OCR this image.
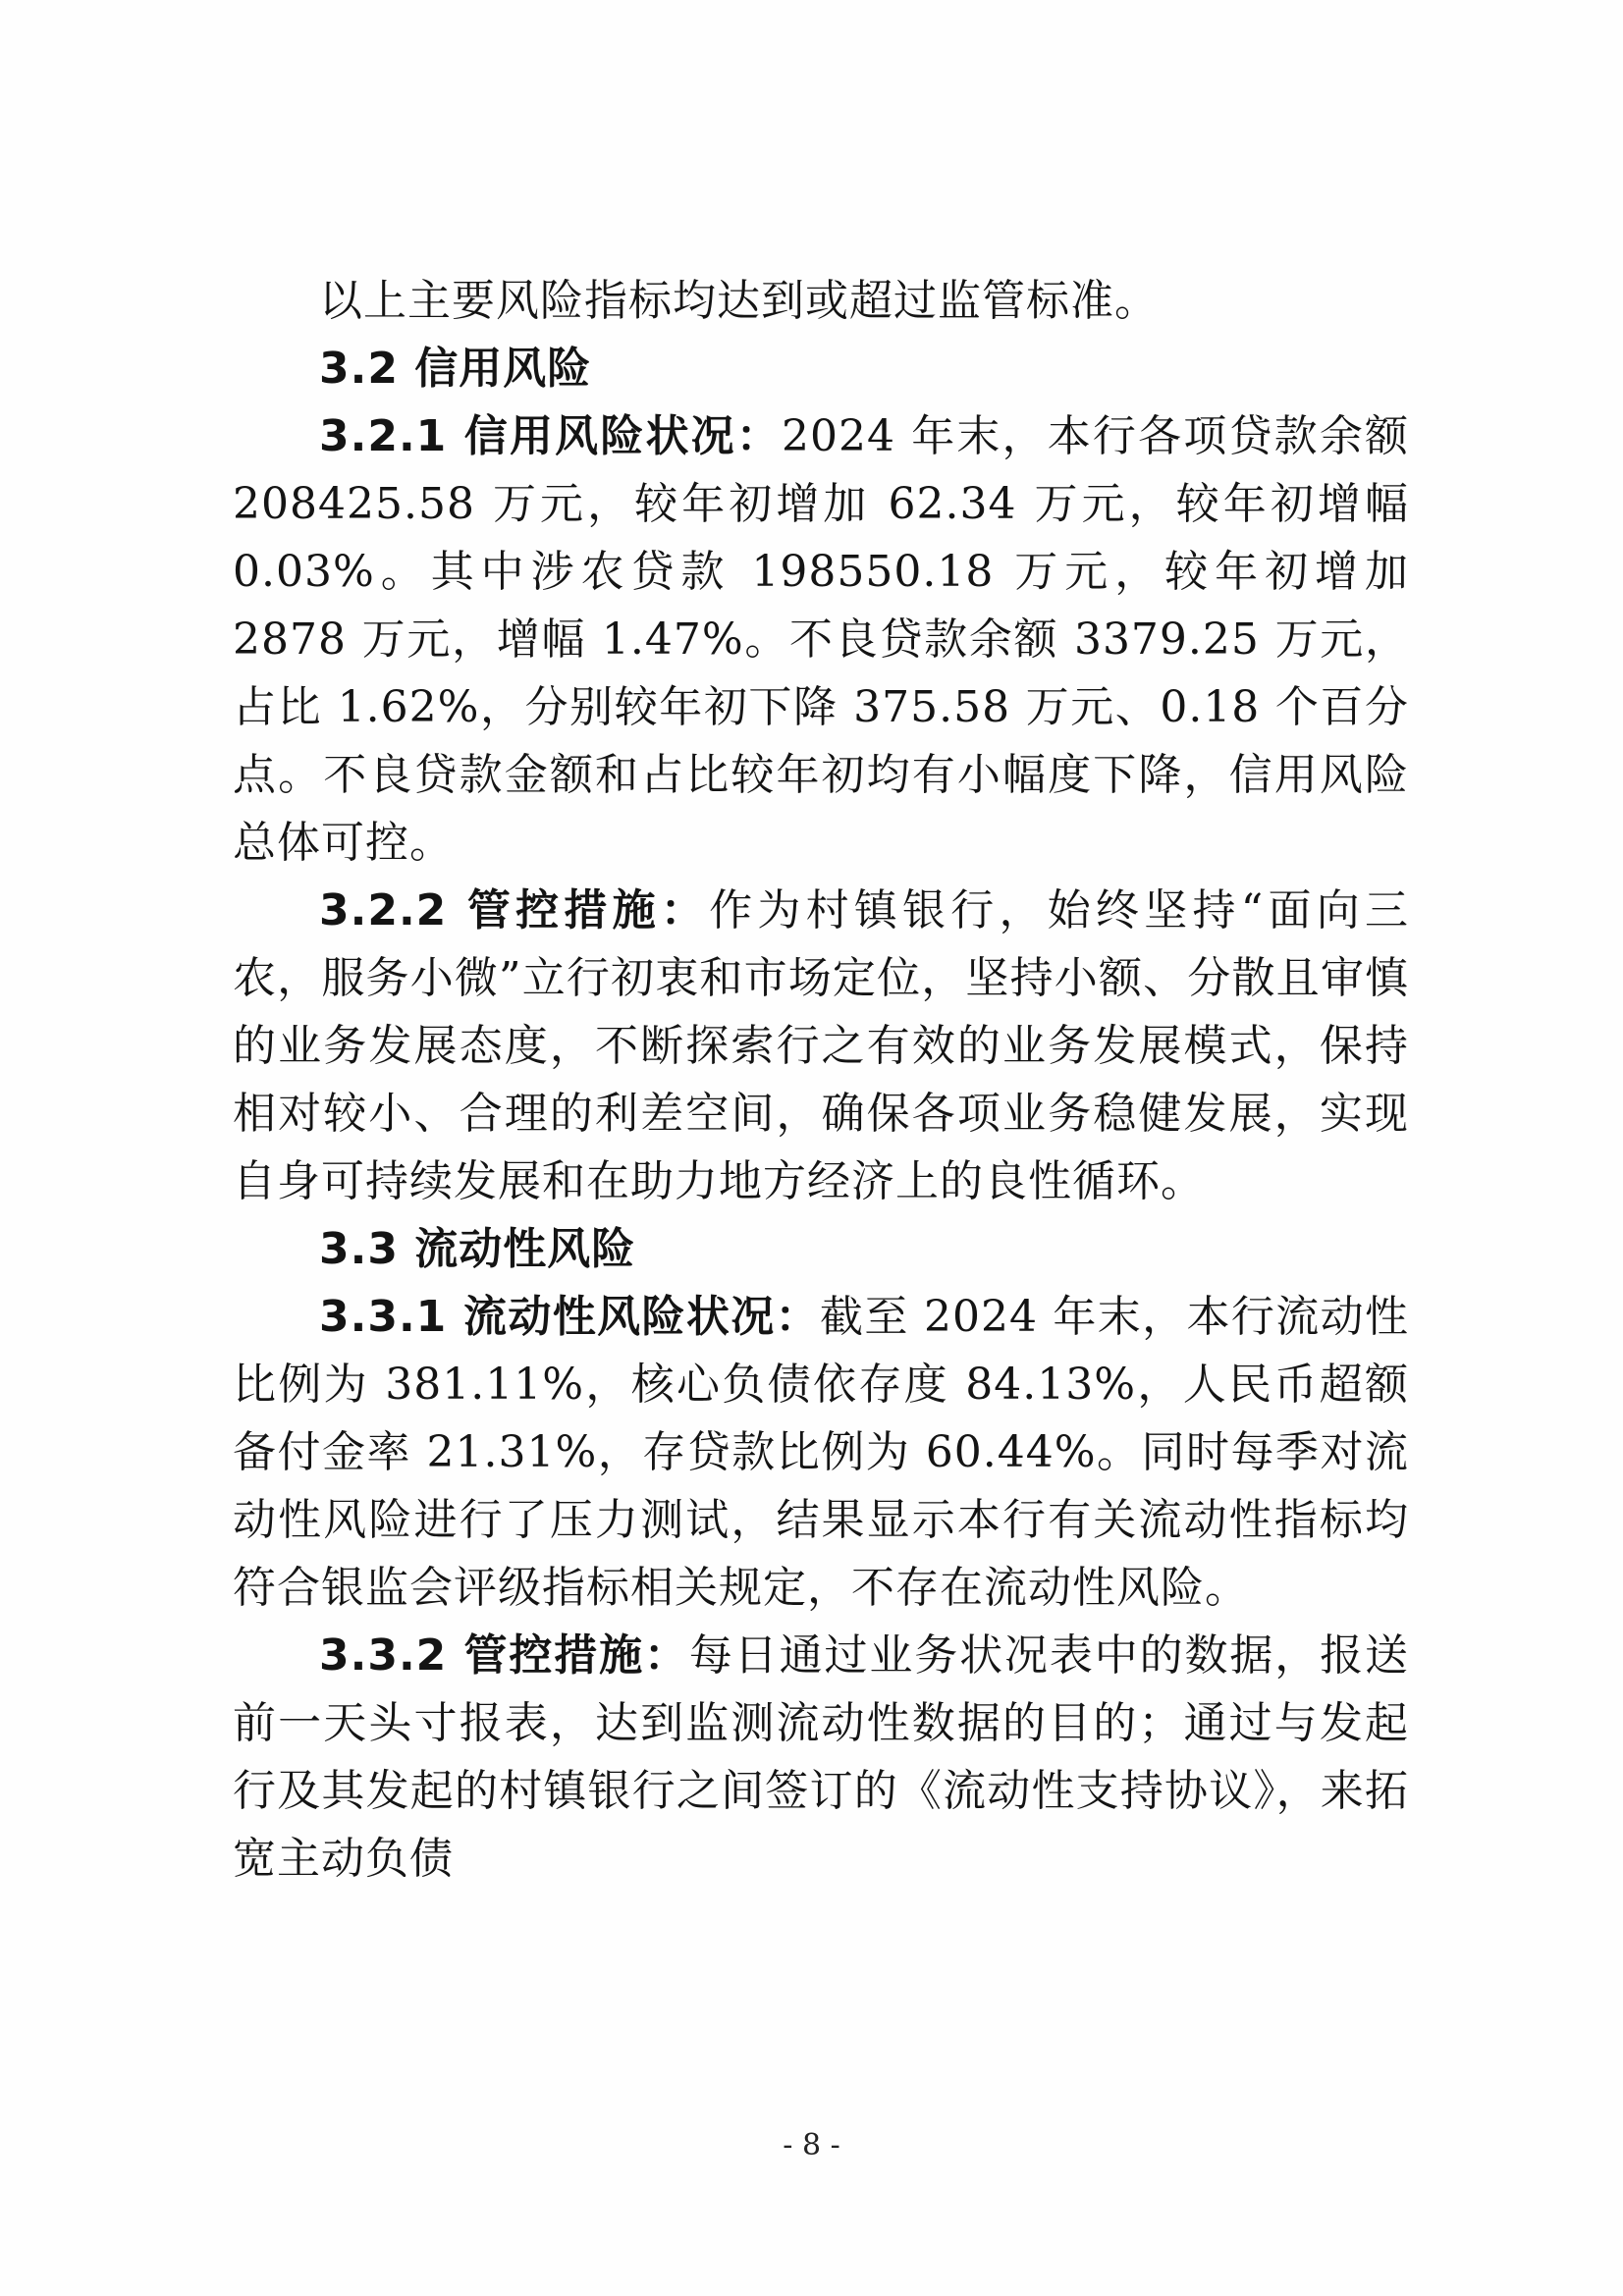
以上主要风险指标均达到或超过监管标准。

3.2 信用风险

3.2.1 信用风险状况：2024 年末，本行各项贷款余额 208425.58 万元，较年初增加 62.34 万元，较年初增幅 0.03%。其中涉农贷款 198550.18 万元，较年初增加 2878 万元，增幅 1.47%。不良贷款余额 3379.25 万元，占比 1.62%，分别较年初下降 375.58 万元、0.18 个百分点。不良贷款金额和占比较年初均有小幅度下降，信用风险总体可控。

3.2.2 管控措施：作为村镇银行，始终坚持“面向三农，服务小微”立行初衷和市场定位，坚持小额、分散且审慎的业务发展态度，不断探索行之有效的业务发展模式，保持相对较小、合理的利差空间，确保各项业务稳健发展，实现自身可持续发展和在助力地方经济上的良性循环。

3.3 流动性风险

3.3.1 流动性风险状况：截至 2024 年末，本行流动性比例为 381.11%，核心负债依存度 84.13%，人民币超额备付金率 21.31%，存贷款比例为 60.44%。同时每季对流动性风险进行了压力测试，结果显示本行有关流动性指标均符合银监会评级指标相关规定，不存在流动性风险。

3.3.2 管控措施：每日通过业务状况表中的数据，报送前一天头寸报表，达到监测流动性数据的目的；通过与发起行及其发起的村镇银行之间签订的《流动性支持协议》，来拓宽主动负债

- 8 -
